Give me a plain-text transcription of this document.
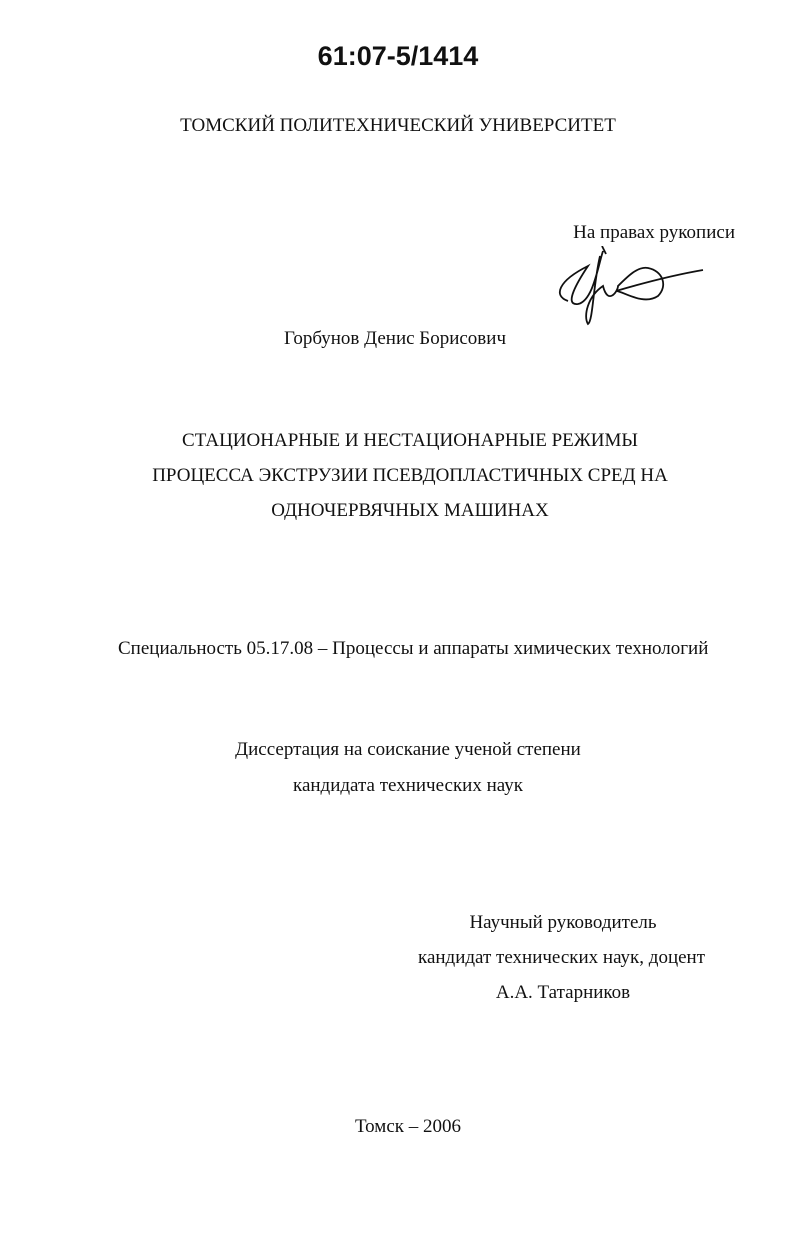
61:07-5/1414
ТОМСКИЙ ПОЛИТЕХНИЧЕСКИЙ УНИВЕРСИТЕТ
На правах рукописи
Горбунов Денис Борисович
СТАЦИОНАРНЫЕ И НЕСТАЦИОНАРНЫЕ РЕЖИМЫ
ПРОЦЕССА ЭКСТРУЗИИ ПСЕВДОПЛАСТИЧНЫХ СРЕД НА
ОДНОЧЕРВЯЧНЫХ МАШИНАХ
Специальность 05.17.08 – Процессы и аппараты химических технологий
Диссертация на соискание ученой степени
кандидата технических наук
Научный руководитель
кандидат технических наук, доцент
А.А. Татарников
Томск – 2006
